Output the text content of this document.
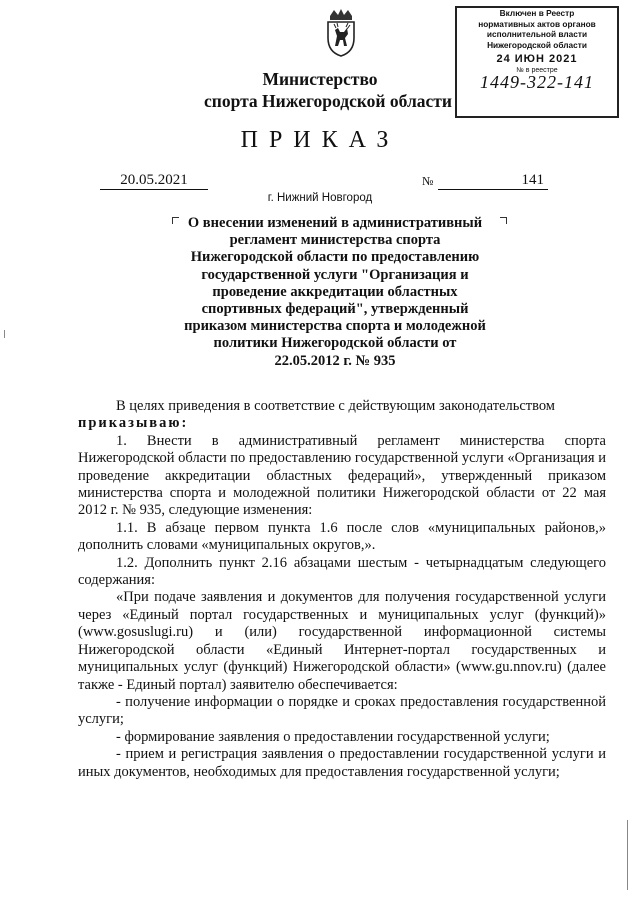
Министерство
спорта Нижегородской области
Включен в Реестр
нормативных актов органов
исполнительной власти
Нижегородской области
24 ИЮН 2021
№ в реестре
1449-322-141
ПРИКАЗ
20.05.2021	№	141
г. Нижний Новгород
О внесении изменений в административный
регламент министерства спорта
Нижегородской области по предоставлению
государственной услуги "Организация и
проведение аккредитации областных
спортивных федераций", утвержденный
приказом министерства спорта и молодежной
политики Нижегородской области от
22.05.2012 г. № 935

В целях приведения в соответствие с действующим законодательством

приказываю:

1. Внести в административный регламент министерства спорта Нижегородской области по предоставлению государственной услуги «Организация и проведение аккредитации областных федераций», утвержденный приказом министерства спорта и молодежной политики Нижегородской области от 22 мая 2012 г. № 935, следующие изменения:

1.1. В абзаце первом пункта 1.6 после слов «муниципальных районов,» дополнить словами «муниципальных округов,».

1.2. Дополнить пункт 2.16 абзацами шестым - четырнадцатым следующего содержания:

«При подаче заявления и документов для получения государственной услуги через «Единый портал государственных и муниципальных услуг (функций)» (www.gosuslugi.ru) и (или) государственной информационной системы Нижегородской области «Единый Интернет-портал государственных и муниципальных услуг (функций) Нижегородской области» (www.gu.nnov.ru) (далее также - Единый портал) заявителю обеспечивается:

- получение информации о порядке и сроках предоставления государственной услуги;

- формирование заявления о предоставлении государственной услуги;

- прием и регистрация заявления о предоставлении государственной услуги и иных документов, необходимых для предоставления государственной услуги;
